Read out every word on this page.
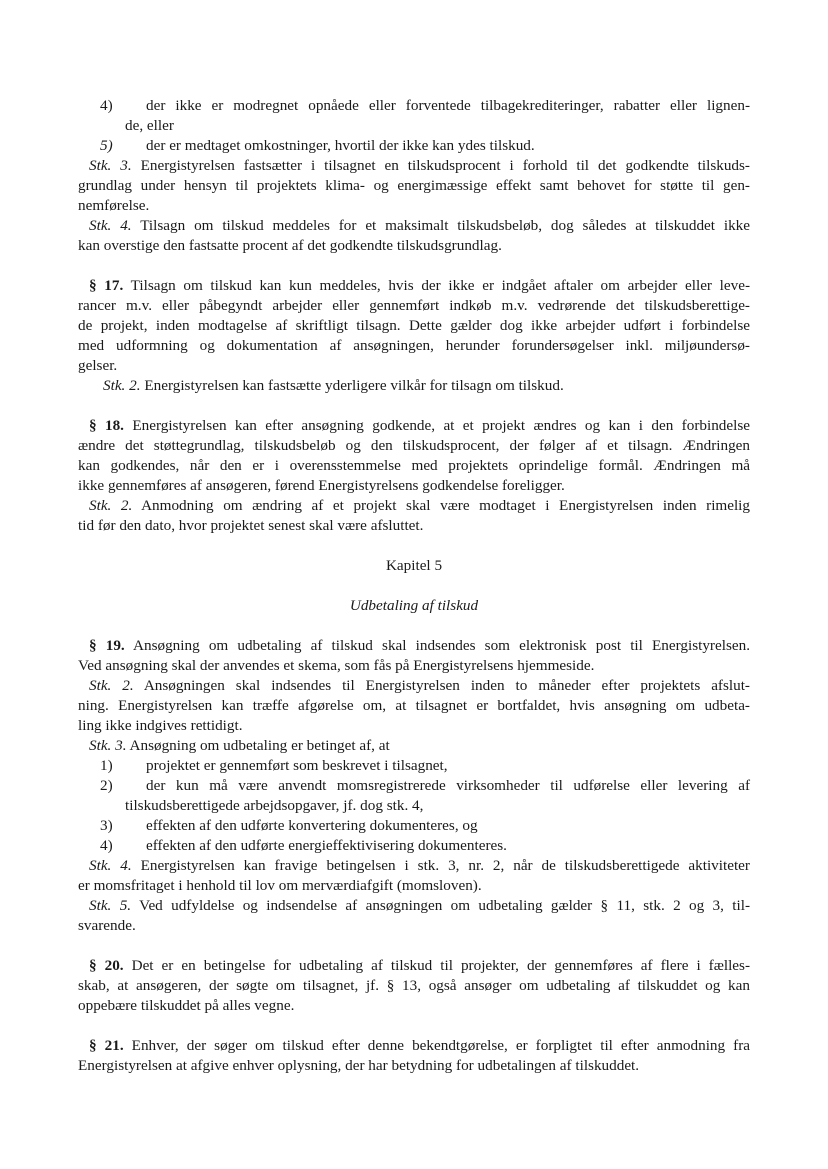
4)	der ikke er modregnet opnåede eller forventede tilbagekrediteringer, rabatter eller lignen-
de, eller
5)	der er medtaget omkostninger, hvortil der ikke kan ydes tilskud.
Stk. 3. Energistyrelsen fastsætter i tilsagnet en tilskudsprocent i forhold til det godkendte tilskuds-
grundlag under hensyn til projektets klima- og energimæssige effekt samt behovet for støtte til gen-
nemførelse.
Stk. 4. Tilsagn om tilskud meddeles for et maksimalt tilskudsbeløb, dog således at tilskuddet ikke
kan overstige den fastsatte procent af det godkendte tilskudsgrundlag.
§ 17. Tilsagn om tilskud kan kun meddeles, hvis der ikke er indgået aftaler om arbejder eller leve-
rancer m.v. eller påbegyndt arbejder eller gennemført indkøb m.v. vedrørende det tilskudsberettige-
de projekt, inden modtagelse af skriftligt tilsagn. Dette gælder dog ikke arbejder udført i forbindelse
med udformning og dokumentation af ansøgningen, herunder forundersøgelser inkl. miljøundersø-
gelser.
Stk. 2. Energistyrelsen kan fastsætte yderligere vilkår for tilsagn om tilskud.
§ 18. Energistyrelsen kan efter ansøgning godkende, at et projekt ændres og kan i den forbindelse
ændre det støttegrundlag, tilskudsbeløb og den tilskudsprocent, der følger af et tilsagn. Ændringen
kan godkendes, når den er i overensstemmelse med projektets oprindelige formål. Ændringen må
ikke gennemføres af ansøgeren, førend Energistyrelsens godkendelse foreligger.
Stk. 2. Anmodning om ændring af et projekt skal være modtaget i Energistyrelsen inden rimelig
tid før den dato, hvor projektet senest skal være afsluttet.
Kapitel 5
Udbetaling af tilskud
§ 19. Ansøgning om udbetaling af tilskud skal indsendes som elektronisk post til Energistyrelsen.
Ved ansøgning skal der anvendes et skema, som fås på Energistyrelsens hjemmeside.
Stk. 2. Ansøgningen skal indsendes til Energistyrelsen inden to måneder efter projektets afslut-
ning. Energistyrelsen kan træffe afgørelse om, at tilsagnet er bortfaldet, hvis ansøgning om udbeta-
ling ikke indgives rettidigt.
Stk. 3. Ansøgning om udbetaling er betinget af, at
1)	projektet er gennemført som beskrevet i tilsagnet,
2)	der kun må være anvendt momsregistrerede virksomheder til udførelse eller levering af
tilskudsberettigede arbejdsopgaver, jf. dog stk. 4,
3)	effekten af den udførte konvertering dokumenteres, og
4)	effekten af den udførte energieffektivisering dokumenteres.
Stk. 4. Energistyrelsen kan fravige betingelsen i stk. 3, nr. 2, når de tilskudsberettigede aktiviteter
er momsfritaget i henhold til lov om merværdiafgift (momsloven).
Stk. 5. Ved udfyldelse og indsendelse af ansøgningen om udbetaling gælder § 11, stk. 2 og 3, til-
svarende.
§ 20. Det er en betingelse for udbetaling af tilskud til projekter, der gennemføres af flere i fælles-
skab, at ansøgeren, der søgte om tilsagnet, jf. § 13, også ansøger om udbetaling af tilskuddet og kan
oppebære tilskuddet på alles vegne.
§ 21. Enhver, der søger om tilskud efter denne bekendtgørelse, er forpligtet til efter anmodning fra
Energistyrelsen at afgive enhver oplysning, der har betydning for udbetalingen af tilskuddet.
